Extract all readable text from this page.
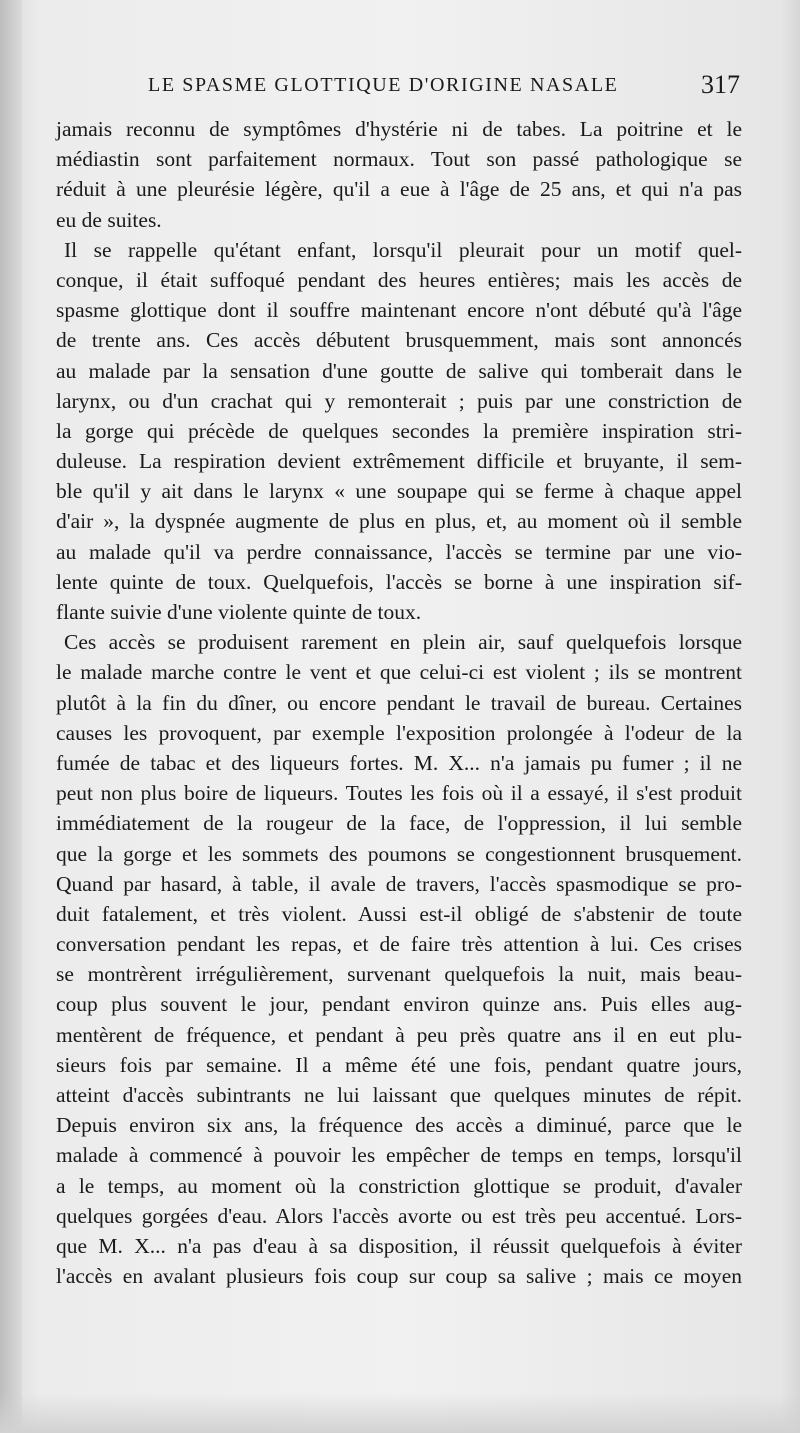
LE SPASME GLOTTIQUE D'ORIGINE NASALE	317
jamais reconnu de symptômes d'hystérie ni de tabes. La poitrine et le
médiastin sont parfaitement normaux. Tout son passé pathologique se
réduit à une pleurésie légère, qu'il a eue à l'âge de 25 ans, et qui n'a pas
eu de suites.
Il se rappelle qu'étant enfant, lorsqu'il pleurait pour un motif quel-
conque, il était suffoqué pendant des heures entières; mais les accès de
spasme glottique dont il souffre maintenant encore n'ont débuté qu'à l'âge
de trente ans. Ces accès débutent brusquemment, mais sont annoncés
au malade par la sensation d'une goutte de salive qui tomberait dans le
larynx, ou d'un crachat qui y remonterait ; puis par une constriction de
la gorge qui précède de quelques secondes la première inspiration stri-
duleuse. La respiration devient extrêmement difficile et bruyante, il sem-
ble qu'il y ait dans le larynx « une soupape qui se ferme à chaque appel
d'air », la dyspnée augmente de plus en plus, et, au moment où il semble
au malade qu'il va perdre connaissance, l'accès se termine par une vio-
lente quinte de toux. Quelquefois, l'accès se borne à une inspiration sif-
flante suivie d'une violente quinte de toux.
Ces accès se produisent rarement en plein air, sauf quelquefois lorsque
le malade marche contre le vent et que celui-ci est violent ; ils se montrent
plutôt à la fin du dîner, ou encore pendant le travail de bureau. Certaines
causes les provoquent, par exemple l'exposition prolongée à l'odeur de la
fumée de tabac et des liqueurs fortes. M. X... n'a jamais pu fumer ; il ne
peut non plus boire de liqueurs. Toutes les fois où il a essayé, il s'est produit
immédiatement de la rougeur de la face, de l'oppression, il lui semble
que la gorge et les sommets des poumons se congestionnent brusquement.
Quand par hasard, à table, il avale de travers, l'accès spasmodique se pro-
duit fatalement, et très violent. Aussi est-il obligé de s'abstenir de toute
conversation pendant les repas, et de faire très attention à lui. Ces crises
se montrèrent irrégulièrement, survenant quelquefois la nuit, mais beau-
coup plus souvent le jour, pendant environ quinze ans. Puis elles aug-
mentèrent de fréquence, et pendant à peu près quatre ans il en eut plu-
sieurs fois par semaine. Il a même été une fois, pendant quatre jours,
atteint d'accès subintrants ne lui laissant que quelques minutes de répit.
Depuis environ six ans, la fréquence des accès a diminué, parce que le
malade à commencé à pouvoir les empêcher de temps en temps, lorsqu'il
a le temps, au moment où la constriction glottique se produit, d'avaler
quelques gorgées d'eau. Alors l'accès avorte ou est très peu accentué. Lors-
que M. X... n'a pas d'eau à sa disposition, il réussit quelquefois à éviter
l'accès en avalant plusieurs fois coup sur coup sa salive ; mais ce moyen
